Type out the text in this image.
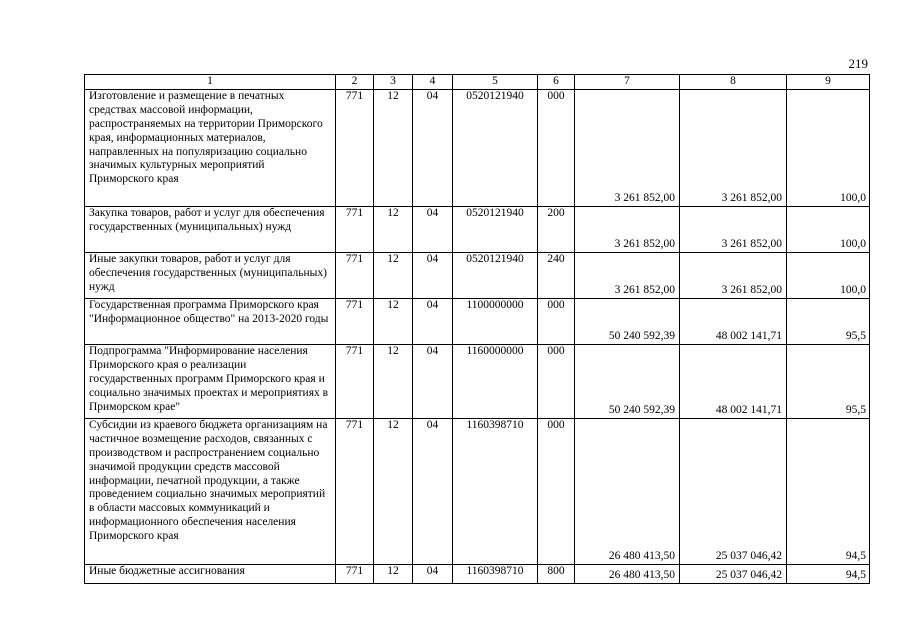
219
1	2	3	4	5	6	7	8	9
Изготовление и размещение в печатных средствах массовой информации, распространяемых на территории Приморского края, информационных материалов, направленных на популяризацию социально значимых культурных мероприятий Приморского края	771	12	04	0520121940	000	3 261 852,00	3 261 852,00	100,0
Закупка товаров, работ и услуг для обеспечения государственных (муниципальных) нужд	771	12	04	0520121940	200	3 261 852,00	3 261 852,00	100,0
Иные закупки товаров, работ и услуг для обеспечения государственных (муниципальных) нужд	771	12	04	0520121940	240	3 261 852,00	3 261 852,00	100,0
Государственная программа Приморского края "Информационное общество" на 2013-2020 годы	771	12	04	1100000000	000	50 240 592,39	48 002 141,71	95,5
Подпрограмма "Информирование населения Приморского края о реализации государственных программ Приморского края и социально значимых проектах и мероприятиях в Приморском крае"	771	12	04	1160000000	000	50 240 592,39	48 002 141,71	95,5
Субсидии из краевого бюджета организациям на частичное возмещение расходов, связанных с производством и распространением социально значимой продукции средств массовой информации, печатной продукции, а также проведением социально значимых мероприятий в области массовых коммуникаций и информационного обеспечения населения Приморского края	771	12	04	1160398710	000	26 480 413,50	25 037 046,42	94,5
Иные бюджетные ассигнования	771	12	04	1160398710	800	26 480 413,50	25 037 046,42	94,5
